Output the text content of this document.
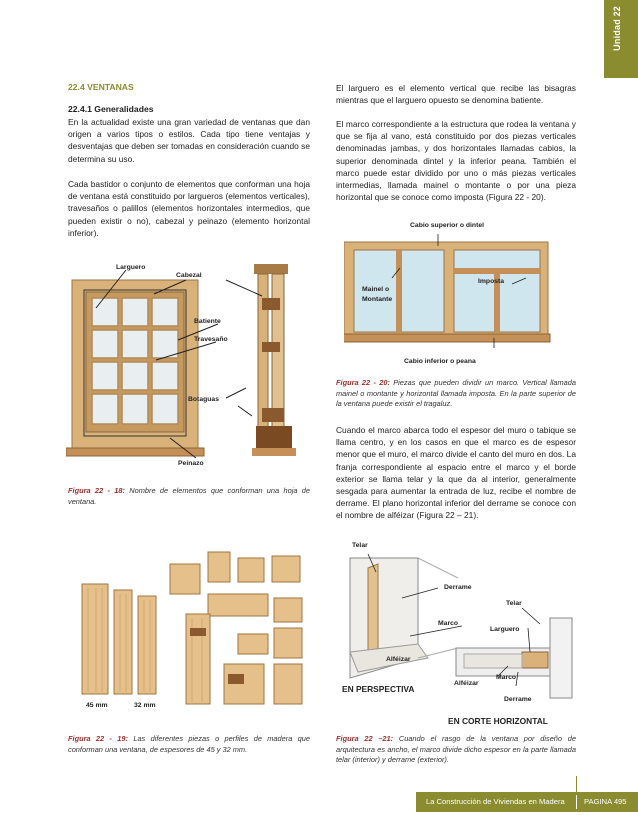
Unidad 22
22.4 VENTANAS
22.4.1 Generalidades
En la actualidad existe una gran variedad de ventanas que dan origen a varios tipos o estilos. Cada tipo tiene ventajas y desventajas que deben ser tomadas en consideración cuando se determina su uso.
Cada bastidor o conjunto de elementos que conforman una hoja de ventana está constituido por largueros (elementos verticales), travesaños o palillos (elementos horizontales intermedios, que pueden existir o no), cabezal y peinazo (elemento horizontal inferior).
Larguero
Cabezal
Batiente
Travesaño
Botaguas
Peinazo
Figura 22 - 18: Nombre de elementos que conforman una hoja de ventana.
45 mm	32 mm
Figura 22 - 19: Las diferentes piezas o perfiles de madera que conforman una ventana, de espesores de 45 y 32 mm.
El larguero es el elemento vertical que recibe las bisagras mientras que el larguero opuesto se denomina batiente.
El marco correspondiente a la estructura que rodea la ventana y que se fija al vano, está constituido por dos piezas verticales denominadas jambas, y dos horizontales llamadas cabios, la superior denominada dintel y la inferior peana. También el marco puede estar dividido por uno o más piezas verticales intermedias, llamada mainel o montante o por una pieza horizontal que se conoce como imposta (Figura 22 - 20).
Cabio superior o dintel
Mainel o
Montante
Imposta
Cabio inferior o peana
Figura 22 - 20: Piezas que pueden dividir un marco. Vertical llamada mainel o montante y horizontal llamada imposta. En la parte superior de la ventana puede existir el tragaluz.
Cuando el marco abarca todo el espesor del muro o tabique se llama centro, y en los casos en que el marco es de espesor menor que el muro, el marco divide el canto del muro en dos. La franja correspondiente al espacio entre el marco y el borde exterior se llama telar y la que da al interior, generalmente sesgada para aumentar la entrada de luz, recibe el nombre de derrame. El plano horizontal inferior del derrame se conoce con el nombre de alféizar (Figura 22 – 21).
Telar
Derrame
Telar
Marco
Larguero
Alféizar
Marco
Alféizar
Derrame
EN PERSPECTIVA
EN CORTE HORIZONTAL
Figura 22 –21: Cuando el rasgo de la ventana por diseño de arquitectura es ancho, el marco divide dicho espesor en la parte llamada telar (interior) y derrame (exterior).
La Construcción de Viviendas en Madera	PAGINA 495
